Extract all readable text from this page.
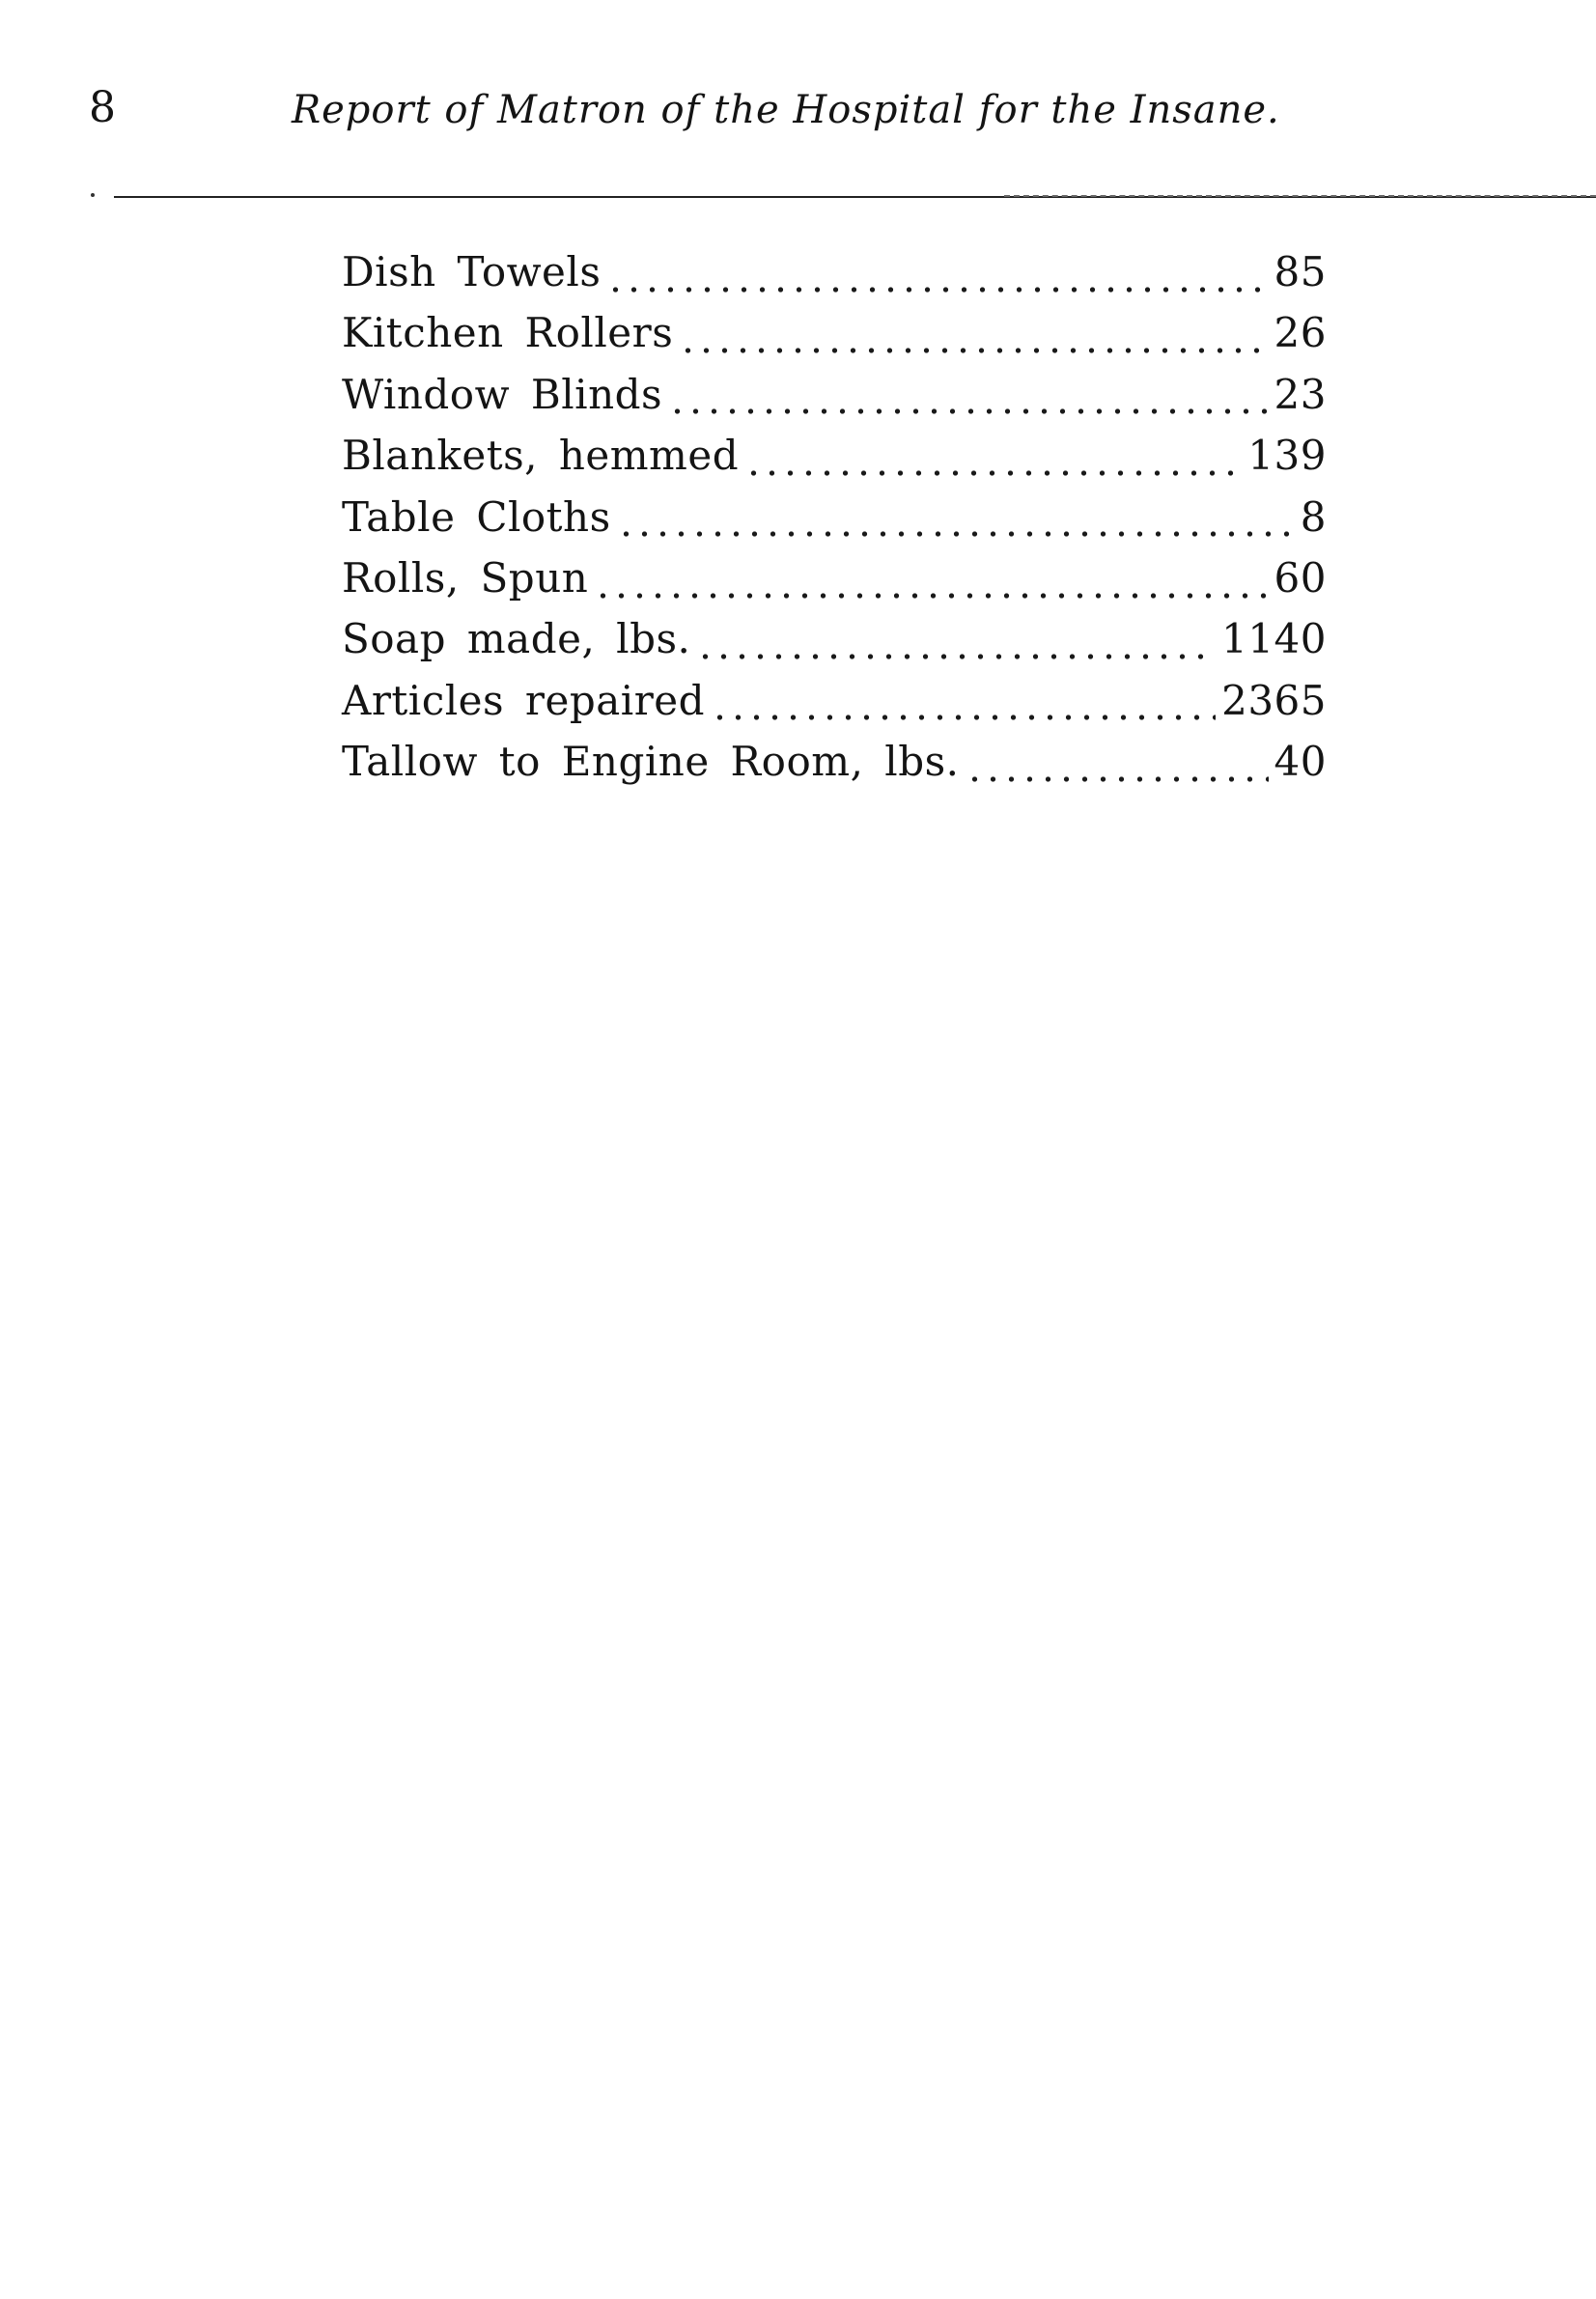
8	Report of Matron of the Hospital for the Insane.
Dish Towels	85
Kitchen Rollers	26
Window Blinds	23
Blankets, hemmed	139
Table Cloths	8
Rolls, Spun	60
Soap made, lbs.	1140
Articles repaired	2365
Tallow to Engine Room, lbs.	40
